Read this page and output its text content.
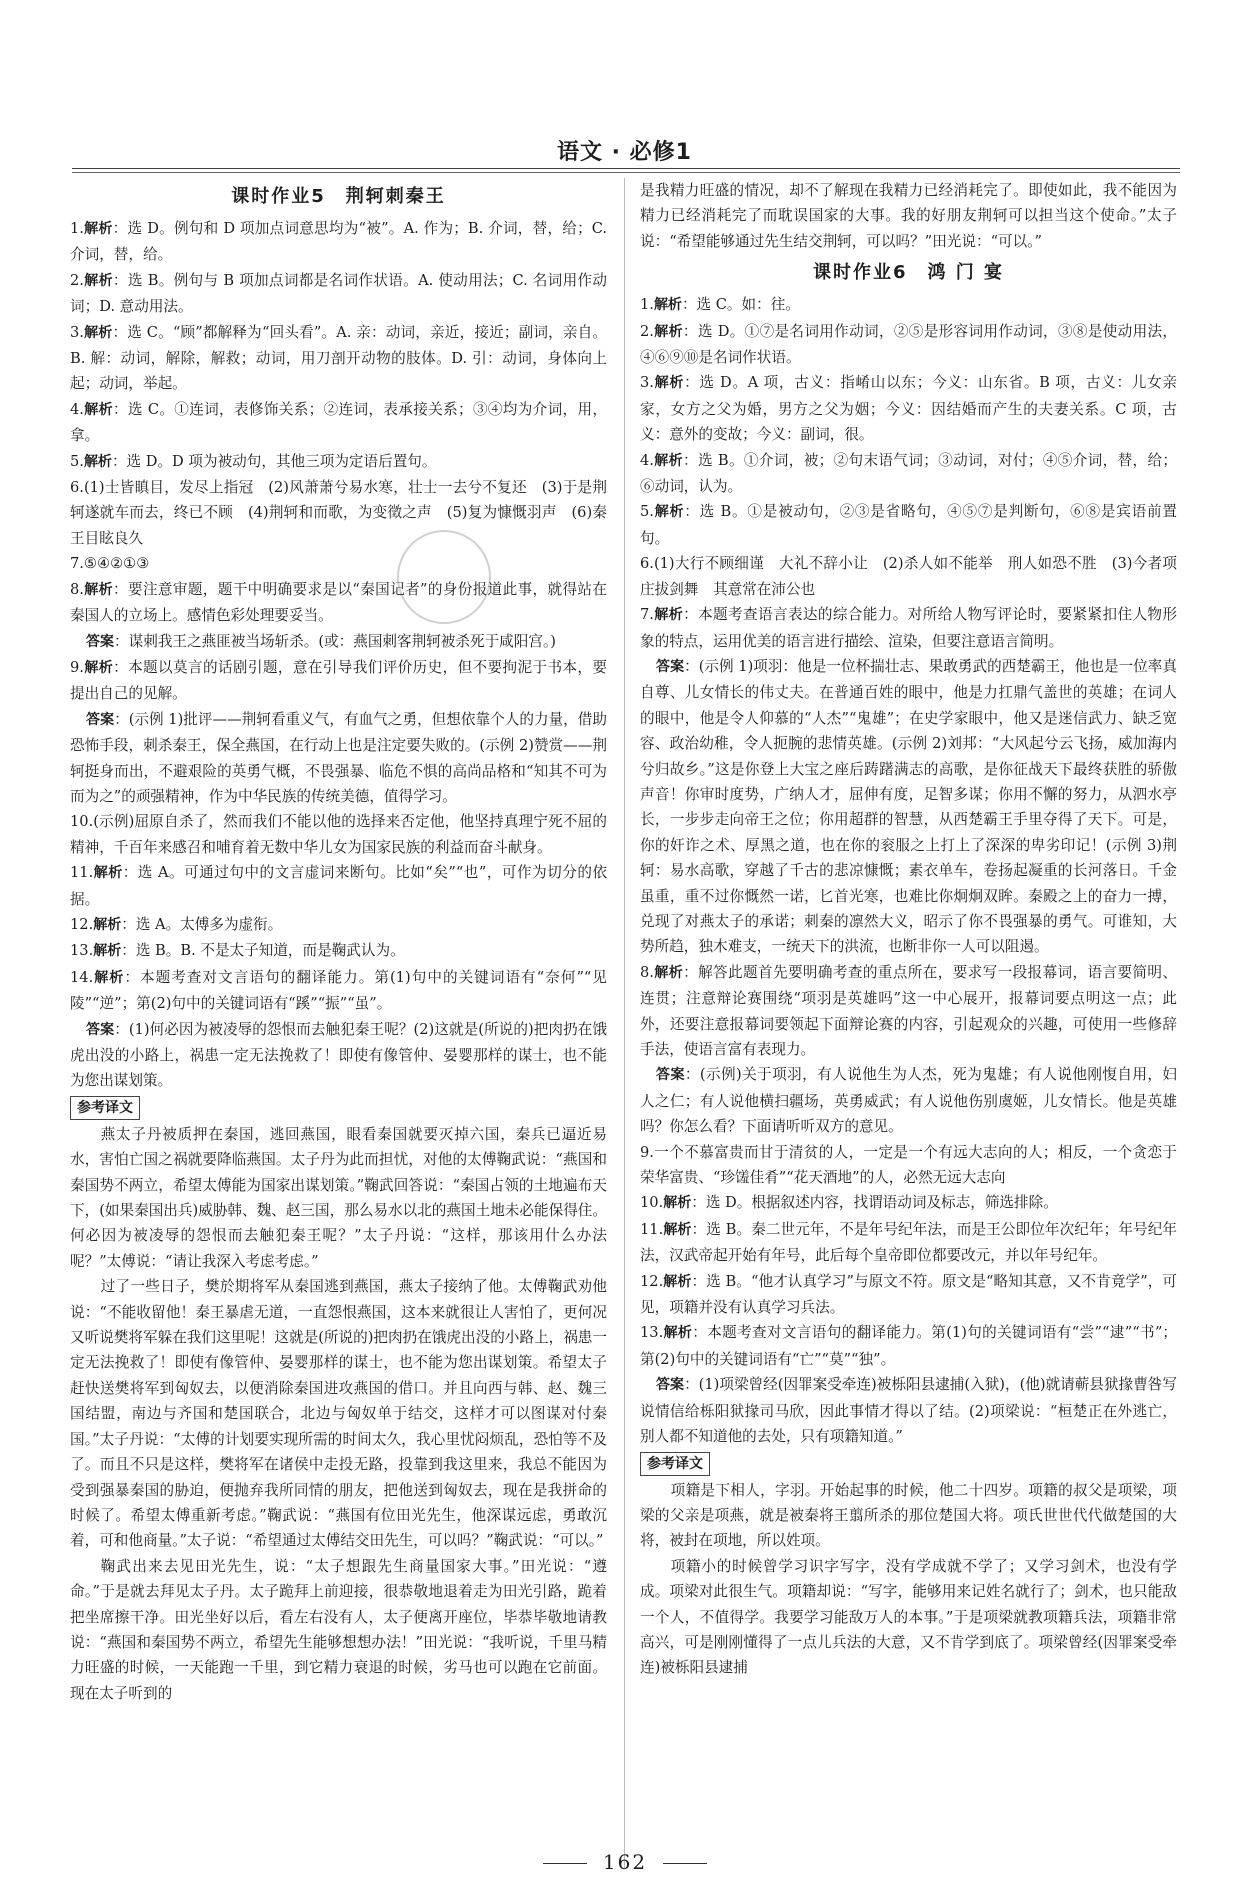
语文 · 必修1
课时作业5　荆轲刺秦王

1.解析：选 D。例句和 D 项加点词意思均为“被”。A. 作为；B. 介词，替，给；C. 介词，替，给。

2.解析：选 B。例句与 B 项加点词都是名词作状语。A. 使动用法；C. 名词用作动词；D. 意动用法。

3.解析：选 C。“顾”都解释为“回头看”。A. 亲：动词，亲近，接近；副词，亲自。B. 解：动词，解除，解救；动词，用刀剖开动物的肢体。D. 引：动词，身体向上起；动词，举起。

4.解析：选 C。①连词，表修饰关系；②连词，表承接关系；③④均为介词，用，拿。

5.解析：选 D。D 项为被动句，其他三项为定语后置句。

6.(1)士皆瞋目，发尽上指冠　(2)风萧萧兮易水寒，壮士一去兮不复还　(3)于是荆轲遂就车而去，终已不顾　(4)荆轲和而歌，为变徵之声　(5)复为慷慨羽声　(6)秦王目眩良久

7.⑤④②①③

8.解析：要注意审题，题干中明确要求是以“秦国记者”的身份报道此事，就得站在秦国人的立场上。感情色彩处理要妥当。

答案：谋刺我王之燕匪被当场斩杀。(或：燕国刺客荆轲被杀死于咸阳宫。)

9.解析：本题以莫言的话剧引题，意在引导我们评价历史，但不要拘泥于书本，要提出自己的见解。

答案：(示例 1)批评——荆轲看重义气，有血气之勇，但想依靠个人的力量，借助恐怖手段，刺杀秦王，保全燕国，在行动上也是注定要失败的。(示例 2)赞赏——荆轲挺身而出，不避艰险的英勇气概，不畏强暴、临危不惧的高尚品格和“知其不可为而为之”的顽强精神，作为中华民族的传统美德，值得学习。

10.(示例)屈原自杀了，然而我们不能以他的选择来否定他，他坚持真理宁死不屈的精神，千百年来感召和哺育着无数中华儿女为国家民族的利益而奋斗献身。

11.解析：选 A。可通过句中的文言虚词来断句。比如“矣”“也”，可作为切分的依据。

12.解析：选 A。太傅多为虚衔。

13.解析：选 B。B. 不是太子知道，而是鞠武认为。

14.解析：本题考查对文言语句的翻译能力。第(1)句中的关键词语有“奈何”“见陵”“逆”；第(2)句中的关键词语有“蹊”“振”“虽”。

答案：(1)何必因为被凌辱的怨恨而去触犯秦王呢？(2)这就是(所说的)把肉扔在饿虎出没的小路上，祸患一定无法挽救了！即使有像管仲、晏婴那样的谋士，也不能为您出谋划策。

参考译文

燕太子丹被质押在秦国，逃回燕国，眼看秦国就要灭掉六国，秦兵已逼近易水，害怕亡国之祸就要降临燕国。太子丹为此而担忧，对他的太傅鞠武说：“燕国和秦国势不两立，希望太傅能为国家出谋划策。”鞠武回答说：“秦国占领的土地遍布天下，(如果秦国出兵)威胁韩、魏、赵三国，那么易水以北的燕国土地未必能保得住。何必因为被凌辱的怨恨而去触犯秦王呢？”太子丹说：“这样，那该用什么办法呢？”太傅说：“请让我深入考虑考虑。”

过了一些日子，樊於期将军从秦国逃到燕国，燕太子接纳了他。太傅鞠武劝他说：“不能收留他！秦王暴虐无道，一直怨恨燕国，这本来就很让人害怕了，更何况又听说樊将军躲在我们这里呢！这就是(所说的)把肉扔在饿虎出没的小路上，祸患一定无法挽救了！即使有像管仲、晏婴那样的谋士，也不能为您出谋划策。希望太子赶快送樊将军到匈奴去，以便消除秦国进攻燕国的借口。并且向西与韩、赵、魏三国结盟，南边与齐国和楚国联合，北边与匈奴单于结交，这样才可以图谋对付秦国。”太子丹说：“太傅的计划要实现所需的时间太久，我心里忧闷烦乱，恐怕等不及了。而且不只是这样，樊将军在诸侯中走投无路，投靠到我这里来，我总不能因为受到强暴秦国的胁迫，便抛弃我所同情的朋友，把他送到匈奴去，现在是我拼命的时候了。希望太傅重新考虑。”鞠武说：“燕国有位田光先生，他深谋远虑，勇敢沉着，可和他商量。”太子说：“希望通过太傅结交田先生，可以吗？”鞠武说：“可以。”

鞠武出来去见田光先生，说：“太子想跟先生商量国家大事。”田光说：“遵命。”于是就去拜见太子丹。太子跪拜上前迎接，很恭敬地退着走为田光引路，跪着把坐席擦干净。田光坐好以后，看左右没有人，太子便离开座位，毕恭毕敬地请教说：“燕国和秦国势不两立，希望先生能够想想办法！”田光说：“我听说，千里马精力旺盛的时候，一天能跑一千里，到它精力衰退的时候，劣马也可以跑在它前面。现在太子听到的

是我精力旺盛的情况，却不了解现在我精力已经消耗完了。即使如此，我不能因为精力已经消耗完了而耽误国家的大事。我的好朋友荆轲可以担当这个使命。”太子说：“希望能够通过先生结交荆轲，可以吗？”田光说：“可以。”

课时作业6　鸿 门 宴

1.解析：选 C。如：往。

2.解析：选 D。①⑦是名词用作动词，②⑤是形容词用作动词，③⑧是使动用法，④⑥⑨⑩是名词作状语。

3.解析：选 D。A 项，古义：指崤山以东；今义：山东省。B 项，古义：儿女亲家，女方之父为婚，男方之父为姻；今义：因结婚而产生的夫妻关系。C 项，古义：意外的变故；今义：副词，很。

4.解析：选 B。①介词，被；②句末语气词；③动词，对付；④⑤介词，替，给；⑥动词，认为。

5.解析：选 B。①是被动句，②③是省略句，④⑤⑦是判断句，⑥⑧是宾语前置句。

6.(1)大行不顾细谨　大礼不辞小让　(2)杀人如不能举　刑人如恐不胜　(3)今者项庄拔剑舞　其意常在沛公也

7.解析：本题考查语言表达的综合能力。对所给人物写评论时，要紧紧扣住人物形象的特点，运用优美的语言进行描绘、渲染，但要注意语言简明。

答案：(示例 1)项羽：他是一位杯揣壮志、果敢勇武的西楚霸王，他也是一位率真自尊、儿女情长的伟丈夫。在普通百姓的眼中，他是力扛鼎气盖世的英雄；在词人的眼中，他是令人仰慕的“人杰”“鬼雄”；在史学家眼中，他又是迷信武力、缺乏宽容、政治幼稚，令人扼腕的悲情英雄。(示例 2)刘邦：“大风起兮云飞扬，威加海内兮归故乡。”这是你登上大宝之座后踌躇满志的高歌，是你征战天下最终获胜的骄傲声音！你审时度势，广纳人才，屈伸有度，足智多谋；你用不懈的努力，从泗水亭长，一步步走向帝王之位；你用超群的智慧，从西楚霸王手里夺得了天下。可是，你的奸诈之术、厚黑之道，也在你的衮服之上打上了深深的卑劣印记！(示例 3)荆轲：易水高歌，穿越了千古的悲凉慷慨；素衣单车，卷扬起凝重的长河落日。千金虽重，重不过你慨然一诺，匕首光寒，也难比你炯炯双眸。秦殿之上的奋力一搏，兑现了对燕太子的承诺；刺秦的凛然大义，昭示了你不畏强暴的勇气。可谁知，大势所趋，独木难支，一统天下的洪流，也断非你一人可以阻遏。

8.解析：解答此题首先要明确考查的重点所在，要求写一段报幕词，语言要简明、连贯；注意辩论赛围绕“项羽是英雄吗”这一中心展开，报幕词要点明这一点；此外，还要注意报幕词要领起下面辩论赛的内容，引起观众的兴趣，可使用一些修辞手法，使语言富有表现力。

答案：(示例)关于项羽，有人说他生为人杰，死为鬼雄；有人说他刚愎自用，妇人之仁；有人说他横扫疆场，英勇威武；有人说他伤别虞姬，儿女情长。他是英雄吗？你怎么看？下面请听听双方的意见。

9.一个不慕富贵而甘于清贫的人，一定是一个有远大志向的人；相反，一个贪恋于荣华富贵、“珍馐佳肴”“花天酒地”的人，必然无远大志向

10.解析：选 D。根据叙述内容，找谓语动词及标志，筛选排除。

11.解析：选 B。秦二世元年，不是年号纪年法，而是王公即位年次纪年；年号纪年法，汉武帝起开始有年号，此后每个皇帝即位都要改元，并以年号纪年。

12.解析：选 B。“他才认真学习”与原文不符。原文是“略知其意，又不肯竟学”，可见，项籍并没有认真学习兵法。

13.解析：本题考查对文言语句的翻译能力。第(1)句的关键词语有“尝”“逮”“书”；第(2)句中的关键词语有“亡”“莫”“独”。

答案：(1)项梁曾经(因罪案受牵连)被栎阳县逮捕(入狱)，(他)就请蕲县狱掾曹咎写说情信给栎阳狱掾司马欣，因此事情才得以了结。(2)项梁说：“桓楚正在外逃亡，别人都不知道他的去处，只有项籍知道。”

参考译文

项籍是下相人，字羽。开始起事的时候，他二十四岁。项籍的叔父是项梁，项梁的父亲是项燕，就是被秦将王翦所杀的那位楚国大将。项氏世世代代做楚国的大将，被封在项地，所以姓项。

项籍小的时候曾学习识字写字，没有学成就不学了；又学习剑术，也没有学成。项梁对此很生气。项籍却说：“写字，能够用来记姓名就行了；剑术，也只能敌一个人，不值得学。我要学习能敌万人的本事。”于是项梁就教项籍兵法，项籍非常高兴，可是刚刚懂得了一点儿兵法的大意，又不肯学到底了。项梁曾经(因罪案受牵连)被栎阳县逮捕

162
